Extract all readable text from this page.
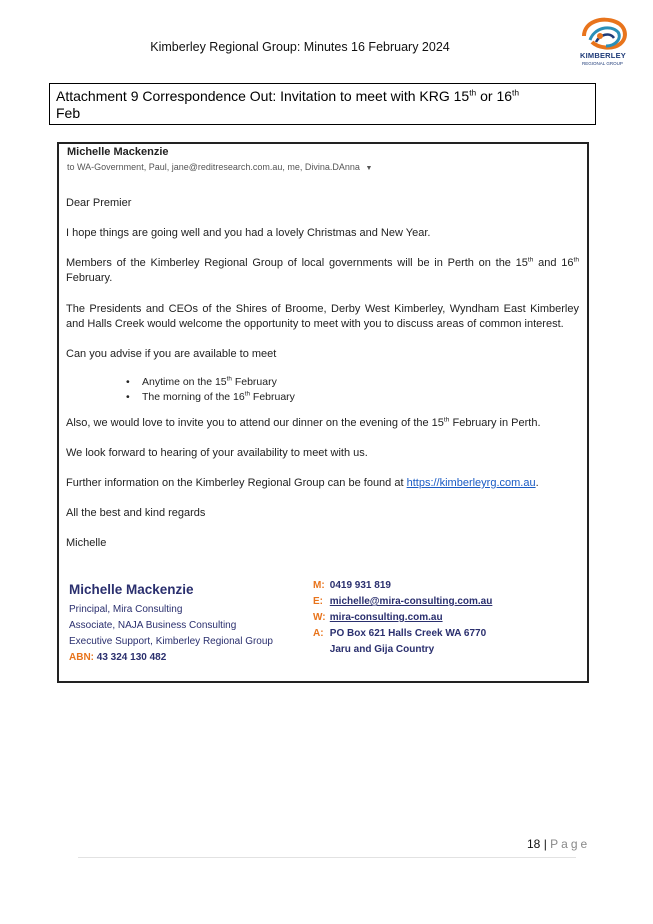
Kimberley Regional Group: Minutes 16 February 2024
KIMBERLEY
REGIONAL GROUP
Attachment 9 Correspondence Out: Invitation to meet with KRG 15th or 16th
Feb
Michelle Mackenzie
to WA-Government, Paul, jane@reditresearch.com.au, me, Divina.DAnna ▼

Dear Premier

I hope things are going well and you had a lovely Christmas and New Year.

Members of the Kimberley Regional Group of local governments will be in Perth on the 15th and 16th February.

The Presidents and CEOs of the Shires of Broome, Derby West Kimberley, Wyndham East Kimberley and Halls Creek would welcome the opportunity to meet with you to discuss areas of common interest.

Can you advise if you are available to meet

• Anytime on the 15th February
• The morning of the 16th February

Also, we would love to invite you to attend our dinner on the evening of the 15th February in Perth.

We look forward to hearing of your availability to meet with us.

Further information on the Kimberley Regional Group can be found at https://kimberleyrg.com.au.

All the best and kind regards

Michelle

Michelle Mackenzie
Principal, Mira Consulting
Associate, NAJA Business Consulting
Executive Support, Kimberley Regional Group
ABN: 43 324 130 482
M: 0419 931 819
E: michelle@mira-consulting.com.au
W: mira-consulting.com.au
A: PO Box 621 Halls Creek WA 6770
Jaru and Gija Country
18 | Page
